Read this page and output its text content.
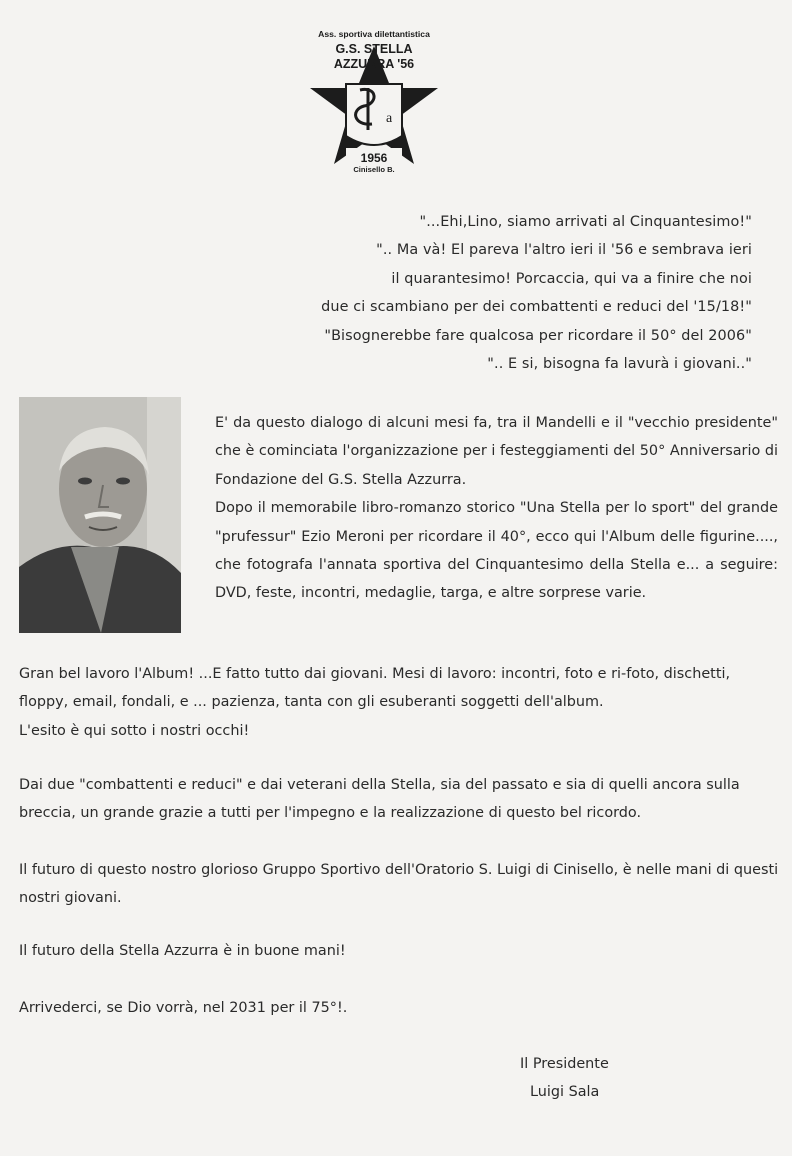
a
Ass. sportiva dilettantistica
G.S. STELLA
AZZURRA '56
1956
Cinisello B.
"...Ehi,Lino, siamo arrivati al Cinquantesimo!"
".. Ma và! El pareva l'altro ieri il '56 e sembrava ieri
il quarantesimo! Porcaccia, qui va a finire che noi
due ci scambiano per dei combattenti e reduci del '15/18!"
"Bisognerebbe fare qualcosa per ricordare il 50° del 2006"
".. E si, bisogna fa lavurà i giovani.."

E' da questo dialogo di alcuni mesi fa, tra il Mandelli e il "vecchio presidente" che è cominciata l'organizzazione per i festeggiamenti del 50° Anniversario di Fondazione del G.S. Stella Azzurra.

Dopo il memorabile libro-romanzo storico "Una Stella per lo sport" del grande "prufessur" Ezio Meroni per ricordare il 40°, ecco qui l'Album delle figurine...., che fotografa l'annata sportiva del Cinquantesimo della Stella e... a seguire: DVD, feste, incontri, medaglie, targa, e altre sorprese varie.

Gran bel lavoro l'Album! ...E fatto tutto dai giovani. Mesi di lavoro: incontri, foto e ri-foto, dischetti, floppy, email, fondali, e ... pazienza, tanta con gli esuberanti soggetti dell'album.

L'esito è qui sotto i nostri occhi!

Dai due "combattenti e reduci" e dai veterani della Stella, sia del passato e sia di quelli ancora sulla breccia, un grande grazie a tutti per l'impegno e la realizzazione di questo bel ricordo.

Il futuro di questo nostro glorioso Gruppo Sportivo dell'Oratorio S. Luigi di Cinisello, è nelle mani di questi nostri giovani.

Il futuro della Stella Azzurra è in buone mani!

Arrivederci, se Dio vorrà, nel 2031 per il 75°!.

Il Presidente
Luigi Sala
